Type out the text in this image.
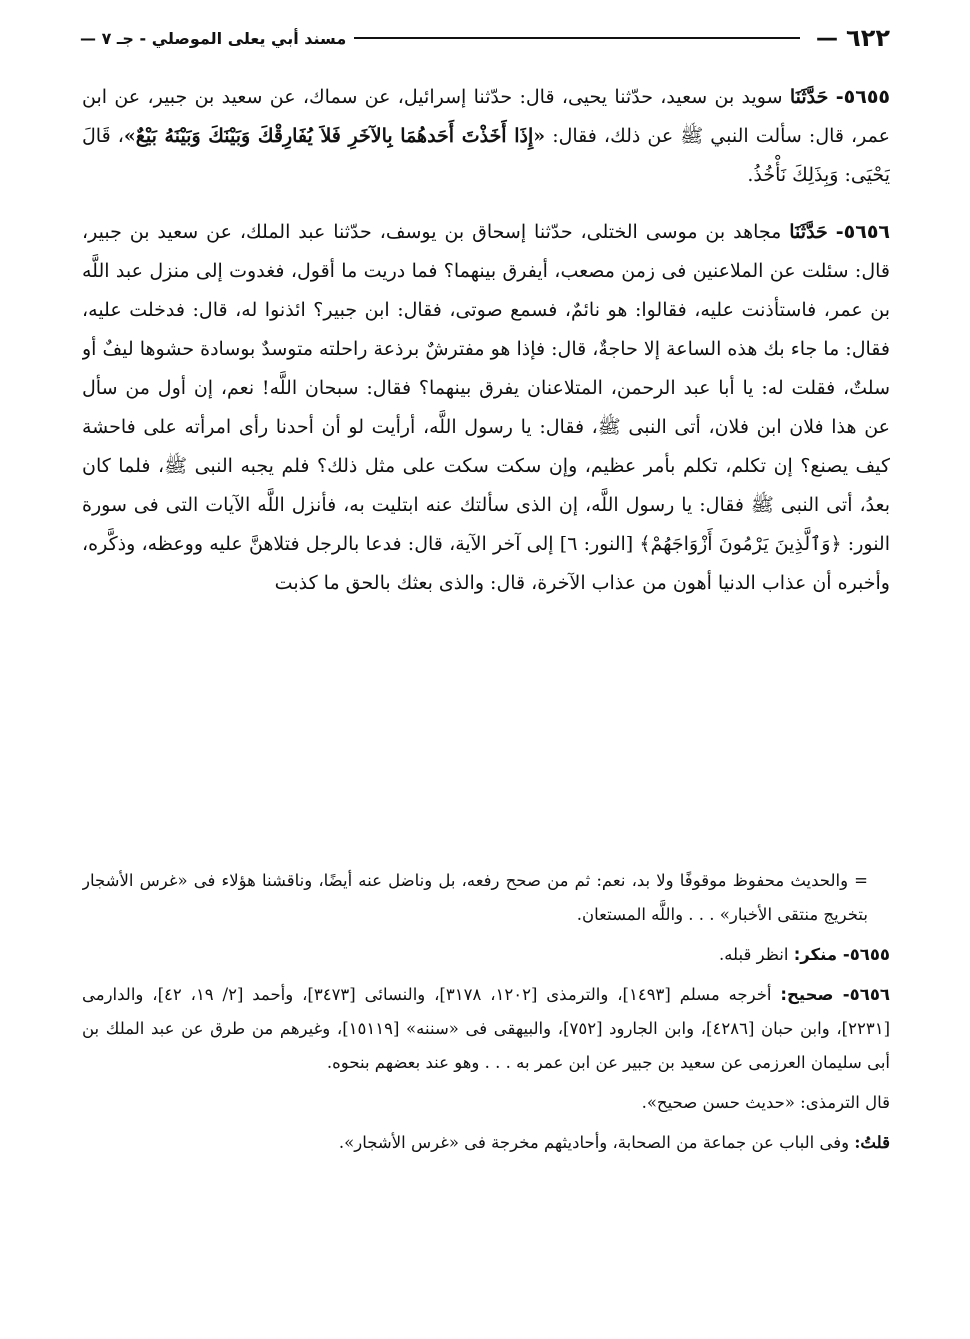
٦٢٢
—
مسند أبي يعلى الموصلي - جـ ٧ —

٥٦٥٥- حَدَّثَنَا سويد بن سعيد، حدّثنا يحيى، قال: حدّثنا إسرائيل، عن سماك، عن سعيد بن جبير، عن ابن عمر، قال: سألت النبي ﷺ عن ذلك، فقال: «إِذَا أَخَذْتَ أَحَدهُمَا بِالآخَرِ فَلاَ يُفَارِقْكَ وَبَيْنَكَ وَبَيْنَهُ بَيْعٌ»، قَالَ يَحْيَى: وَبِذَلِكَ نَأْخُذُ.

٥٦٥٦- حَدَّثَنَا مجاهد بن موسى الختلى، حدّثنا إسحاق بن يوسف، حدّثنا عبد الملك، عن سعيد بن جبير، قال: سئلت عن الملاعنين فى زمن مصعب، أيفرق بينهما؟ فما دريت ما أقول، فغدوت إلى منزل عبد اللَّه بن عمر، فاستأذنت عليه، فقالوا: هو نائمٌ، فسمع صوتى، فقال: ابن جبير؟ ائذنوا له، قال: فدخلت عليه، فقال: ما جاء بك هذه الساعة إلا حاجةٌ، قال: فإذا هو مفترشٌ برذعة راحلته متوسدٌ بوسادة حشوها ليفٌ أو سلتٌ، فقلت له: يا أبا عبد الرحمن، المتلاعنان يفرق بينهما؟ فقال: سبحان اللَّه! نعم، إن أول من سأل عن هذا فلان ابن فلان، أتى النبى ﷺ، فقال: يا رسول اللَّه، أرأيت لو أن أحدنا رأى امرأته على فاحشة كيف يصنع؟ إن تكلم، تكلم بأمر عظيم، وإن سكت سكت على مثل ذلك؟ فلم يجبه النبى ﷺ، فلما كان بعدُ، أتى النبى ﷺ فقال: يا رسول اللَّه، إن الذى سألتك عنه ابتليت به، فأنزل اللَّه الآيات التى فى سورة النور: ﴿وَٱلَّذِينَ يَرْمُونَ أَزْوَاجَهُمْ﴾ [النور: ٦] إلى آخر الآية، قال: فدعا بالرجل فتلاهنَّ عليه ووعظه، وذكَّره، وأخبره أن عذاب الدنيا أهون من عذاب الآخرة، قال: والذى بعثك بالحق ما كذبت

= والحديث محفوظ موقوفًا ولا بد، نعم: ثم من صحح رفعه، بل وناضل عنه أيضًا، وناقشنا هؤلاء فى «غرس الأشجار بتخريج منتقى الأخبار» . . . واللَّه المستعان.

٥٦٥٥- منكر: انظر قبله.

٥٦٥٦- صحيح: أخرجه مسلم [١٤٩٣]، والترمذى [١٢٠٢، ٣١٧٨]، والنسائى [٣٤٧٣]، وأحمد [٢/ ١٩، ٤٢]، والدارمى [٢٢٣١]، وابن حبان [٤٢٨٦]، وابن الجارود [٧٥٢]، والبيهقى فى «سننه» [١٥١١٩]، وغيرهم من طرق عن عبد الملك بن أبى سليمان العرزمى عن سعيد بن جبير عن ابن عمر به . . . وهو عند بعضهم بنحوه.

قال الترمذى: «حديث حسن صحيح».

قلتُ: وفى الباب عن جماعة من الصحابة، وأحاديثهم مخرجة فى «غرس الأشجار».
